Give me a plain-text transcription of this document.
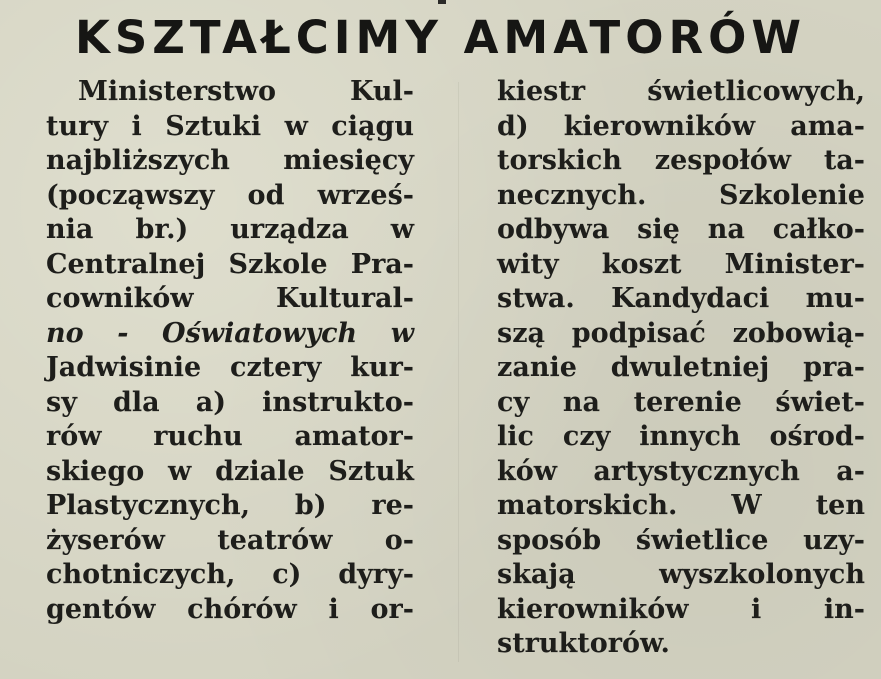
KSZTAŁCIMY AMATORÓW
Ministerstwo Kul-
tury i Sztuki w ciągu
najbliższych miesięcy
(począwszy od wrześ-
nia br.) urządza w
Centralnej Szkole Pra-
cowników Kultural-
no - Oświatowych w
Jadwisinie cztery kur-
sy dla a) instrukto-
rów ruchu amator-
skiego w dziale Sztuk
Plastycznych, b) re-
żyserów teatrów o-
chotniczych, c) dyry-
gentów chórów i or-
kiestr świetlicowych,
d) kierowników ama-
torskich zespołów ta-
necznych. Szkolenie
odbywa się na całko-
wity koszt Minister-
stwa. Kandydaci mu-
szą podpisać zobowią-
zanie dwuletniej pra-
cy na terenie świet-
lic czy innych ośrod-
ków artystycznych a-
matorskich. W ten
sposób świetlice uzy-
skają wyszkolonych
kierowników i in-
struktorów.
